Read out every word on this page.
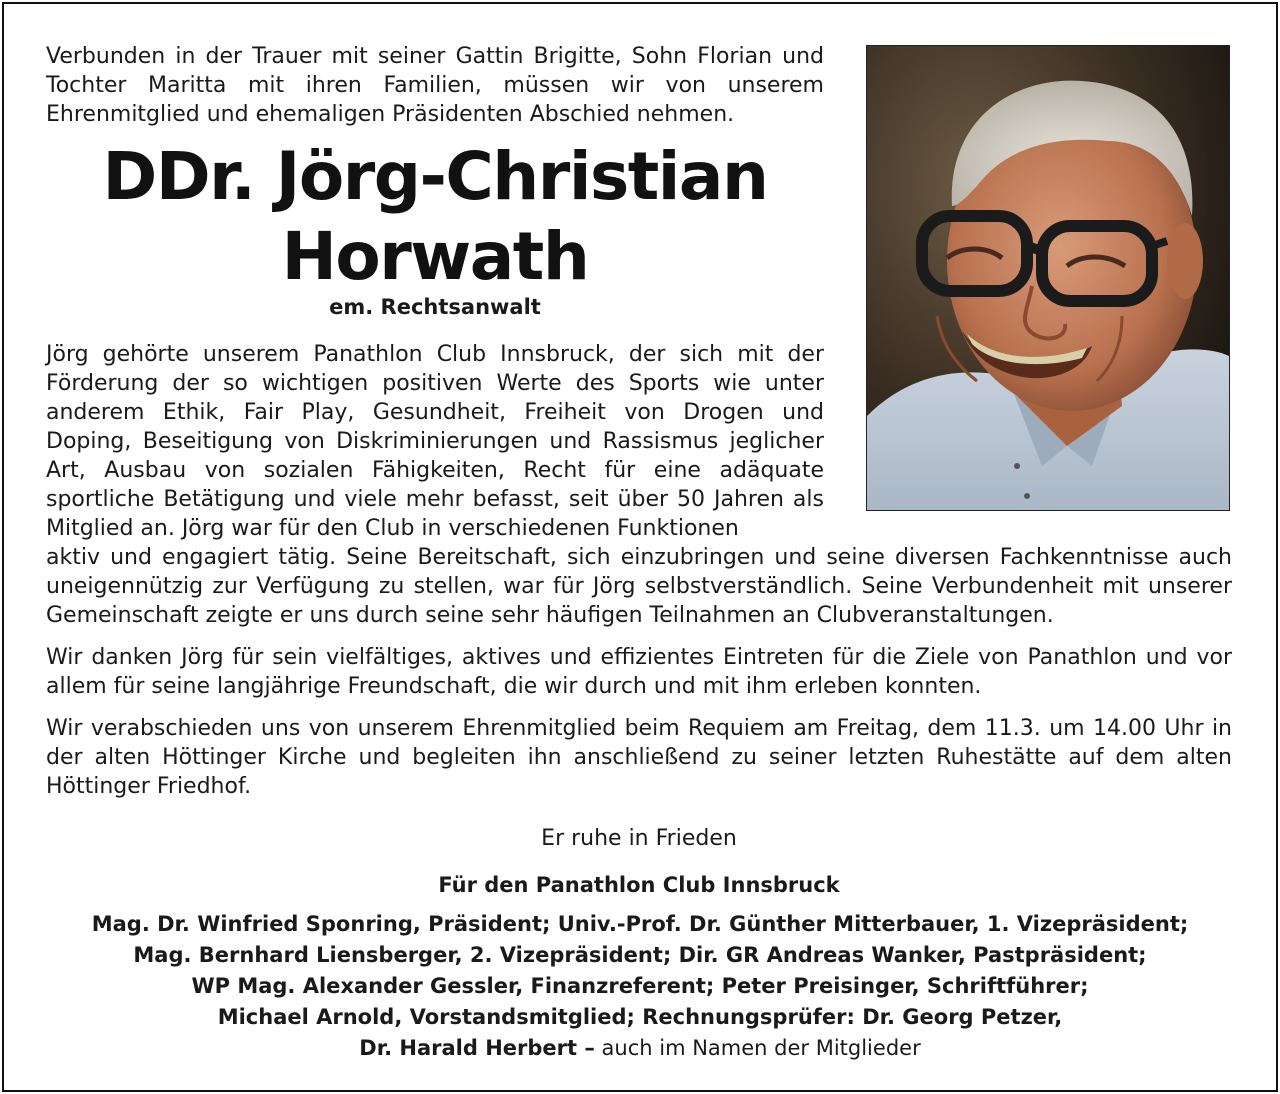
Verbunden in der Trauer mit seiner Gattin Brigitte, Sohn Florian und Tochter Maritta mit ihren Familien, müssen wir von unserem Ehrenmitglied und ehemaligen Präsidenten Abschied nehmen.

DDr. Jörg-Christian
Horwath
em. Rechtsanwalt

Jörg gehörte unserem Panathlon Club Innsbruck, der sich mit der Förderung der so wichtigen positiven Werte des Sports wie unter anderem Ethik, Fair Play, Gesundheit, Freiheit von Drogen und Doping, Beseitigung von Diskriminierungen und Rassismus jeglicher Art, Ausbau von sozialen Fähigkeiten, Recht für eine adäquate sportliche Betätigung und viele mehr befasst, seit über 50 Jahren als Mitglied an. Jörg war für den Club in verschiedenen Funktionen

aktiv und engagiert tätig. Seine Bereitschaft, sich einzubringen und seine diversen Fachkenntnisse auch uneigennützig zur Verfügung zu stellen, war für Jörg selbstverständlich. Seine Verbundenheit mit unserer Gemeinschaft zeigte er uns durch seine sehr häufigen Teilnahmen an Clubveranstaltungen.

Wir danken Jörg für sein vielfältiges, aktives und effizientes Eintreten für die Ziele von Panathlon und vor allem für seine langjährige Freundschaft, die wir durch und mit ihm erleben konnten.

Wir verabschieden uns von unserem Ehrenmitglied beim Requiem am Freitag, dem 11.3. um 14.00 Uhr in der alten Höttinger Kirche und begleiten ihn anschließend zu seiner letzten Ruhestätte auf dem alten Höttinger Friedhof.

Er ruhe in Frieden
Für den Panathlon Club Innsbruck
Mag. Dr. Winfried Sponring, Präsident; Univ.-Prof. Dr. Günther Mitterbauer, 1. Vizepräsident;
Mag. Bernhard Liensberger, 2. Vizepräsident; Dir. GR Andreas Wanker, Pastpräsident;
WP Mag. Alexander Gessler, Finanzreferent; Peter Preisinger, Schriftführer;
Michael Arnold, Vorstandsmitglied; Rechnungsprüfer: Dr. Georg Petzer,
Dr. Harald Herbert – auch im Namen der Mitglieder
